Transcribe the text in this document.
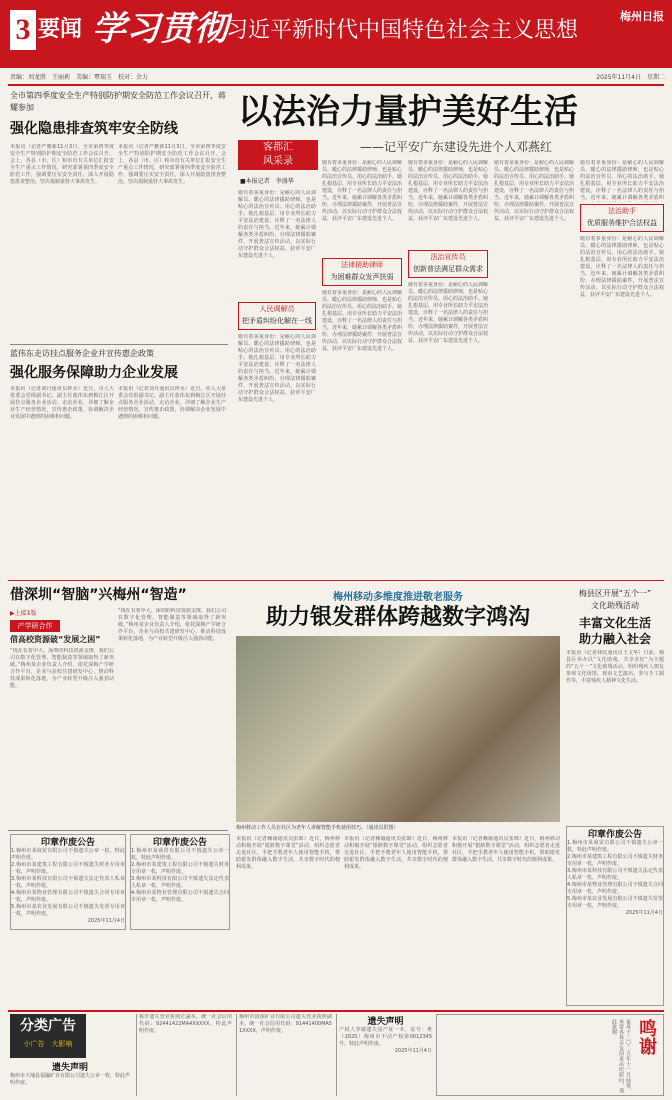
3 要闻 学习贯彻
习近平新时代中国特色社会主义思想
梅州日报
责编：刘龙胜　王丽莉　美编：覃瑞玉　校对：余力	2025年11月4日　星期二
全市第四季度安全生产特别防护期安全防范工作会议召开，蒋耀参加
强化隐患排查筑牢安全防线
本报讯（记者严雅新11月3日，全市第四季度安全生产特别防护期安全防范工作会议召开。会上，各县（市、区）和市直有关单位汇报安全生产重点工作情况，研究部署第四季度安全防范工作，强调要压实安全责任，深入开展隐患排查整治，坚决遏制重特大事故发生。
本报讯（记者严雅新11月3日，全市第四季度安全生产特别防护期安全防范工作会议召开。会上，各县（市、区）和市直有关单位汇报安全生产重点工作情况，研究部署第四季度安全防范工作，强调要压实安全责任，深入开展隐患排查整治，坚决遏制重特大事故发生。
蓝伟东走访挂点服务企业并宣传惠企政策
强化服务保障助力企业发展
本报讯（记者刘丹通讯员钟水）近日，市人大常委会党组副书记、副主任蓝伟东到梅江区开展挂点服务企业活动，走访企业，详细了解企业生产经营情况，宣传惠企政策，协调解决企业发展中遇到的困难和问题。
本报讯（记者刘丹通讯员钟水）近日，市人大常委会党组副书记、副主任蓝伟东到梅江区开展挂点服务企业活动，走访企业，详细了解企业生产经营情况，宣传惠企政策，协调解决企业发展中遇到的困难和问题。
以法治力量护美好生活
——记平安广东建设先进个人邓燕红
客都汇
风采录
■本报记者　李盛华
她有着多重身份：是耐心的人民调解员、暖心的法律援助律师，也是贴心的法治宣传员、用心的法治助手。她扎根基层，用专业所长助力平安法治建设，诠释了一名法律人的责任与担当。近年来，她累计调解各类矛盾纠纷，办理法律援助案件，开展普法宣传活动，以实际行动守护群众合法权益，获评平安广东建设先进个人。
人民调解员
把矛盾纠纷化解在一线
她有着多重身份：是耐心的人民调解员、暖心的法律援助律师，也是贴心的法治宣传员、用心的法治助手。她扎根基层，用专业所长助力平安法治建设，诠释了一名法律人的责任与担当。近年来，她累计调解各类矛盾纠纷，办理法律援助案件，开展普法宣传活动，以实际行动守护群众合法权益，获评平安广东建设先进个人。
她有着多重身份：是耐心的人民调解员、暖心的法律援助律师，也是贴心的法治宣传员、用心的法治助手。她扎根基层，用专业所长助力平安法治建设，诠释了一名法律人的责任与担当。近年来，她累计调解各类矛盾纠纷，办理法律援助案件，开展普法宣传活动，以实际行动守护群众合法权益，获评平安广东建设先进个人。
法律援助律师
为困难群众发声扶弱
她有着多重身份：是耐心的人民调解员、暖心的法律援助律师，也是贴心的法治宣传员、用心的法治助手。她扎根基层，用专业所长助力平安法治建设，诠释了一名法律人的责任与担当。近年来，她累计调解各类矛盾纠纷，办理法律援助案件，开展普法宣传活动，以实际行动守护群众合法权益，获评平安广东建设先进个人。
她有着多重身份：是耐心的人民调解员、暖心的法律援助律师，也是贴心的法治宣传员、用心的法治助手。她扎根基层，用专业所长助力平安法治建设，诠释了一名法律人的责任与担当。近年来，她累计调解各类矛盾纠纷，办理法律援助案件，开展普法宣传活动，以实际行动守护群众合法权益，获评平安广东建设先进个人。
法治宣传员
创新普法满足群众需求
她有着多重身份：是耐心的人民调解员、暖心的法律援助律师，也是贴心的法治宣传员、用心的法治助手。她扎根基层，用专业所长助力平安法治建设，诠释了一名法律人的责任与担当。近年来，她累计调解各类矛盾纠纷，办理法律援助案件，开展普法宣传活动，以实际行动守护群众合法权益，获评平安广东建设先进个人。
她有着多重身份：是耐心的人民调解员、暖心的法律援助律师，也是贴心的法治宣传员、用心的法治助手。她扎根基层，用专业所长助力平安法治建设，诠释了一名法律人的责任与担当。近年来，她累计调解各类矛盾纠纷，办理法律援助案件，开展普法宣传活动，以实际行动守护群众合法权益，获评平安广东建设先进个人。
她有着多重身份：是耐心的人民调解员、暖心的法律援助律师，也是贴心的法治宣传员、用心的法治助手。她扎根基层，用专业所长助力平安法治建设，诠释了一名法律人的责任与担当。近年来，她累计调解各类矛盾纠
法治助手
优质服务维护合法权益
她有着多重身份：是耐心的人民调解员、暖心的法律援助律师，也是贴心的法治宣传员、用心的法治助手。她扎根基层，用专业所长助力平安法治建设，诠释了一名法律人的责任与担当。近年来，她累计调解各类矛盾纠纷，办理法律援助案件，开展普法宣传活动，以实际行动守护群众合法权益，获评平安广东建设先进个人。
借深圳“智脑”兴梅州“智造”
▶上接1版
产学研合作
借高校资源破“发展之困”
“现在有着中大、深圳的科技资源支撑，我们公司在数字化管理、智能制造等领域取得了新突破。”梅州某企业负责人介绍，依托深梅产学研合作平台，企业与高校共建研发中心，推动科技成果转化落地，为产业转型升级注入强劲动能。
“现在有着中大、深圳的科技资源支撑，我们公司在数字化管理、智能制造等领域取得了新突破。”梅州某企业负责人介绍，依托深梅产学研合作平台，企业与高校共建研发中心，推动科技成果转化落地，为产业转型升级注入强劲动能。
梅州移动多维度推进敬老服务
助力银发群体跨越数字鸿沟
梅州移动工作人员在社区为老年人讲解智能手机使用技巧。（通讯员供图）
本报讯（记者赖瑜通讯员张锦）近日，梅州移动积极开展“银龄数字课堂”活动，组织志愿者走进社区，手把手教老年人使用智能手机，帮助银发群体融入数字生活，共享数字时代的便利成果。
本报讯（记者赖瑜通讯员张锦）近日，梅州移动积极开展“银龄数字课堂”活动，组织志愿者走进社区，手把手教老年人使用智能手机，帮助银发群体融入数字生活，共享数字时代的便利成果。
本报讯（记者赖瑜通讯员张锦）近日，梅州移动积极开展“银龄数字课堂”活动，组织志愿者走进社区，手把手教老年人使用智能手机，帮助银发群体融入数字生活，共享数字时代的便利成果。
梅县区开展“五个一”
文化助残活动
丰富文化生活
助力融入社会
本报讯（记者林纹通讯员王文华）日前，梅县区举办以“文化助残，共享美好”为主题的“五个一”文化助残活动，组织残疾人朋友参观文化场馆、观看文艺演出、参与手工制作等，丰富残疾人精神文化生活。
印章作废公告
1.梅州市某商贸有限公司不慎遗失公章一枚，特此声明作废。
2.梅州市某建筑工程有限公司不慎遗失财务专用章一枚，声明作废。
3.梅州市某科技有限公司不慎遗失法定代表人私章一枚，声明作废。
4.梅州市某物业管理有限公司不慎遗失合同专用章一枚，声明作废。
5.梅州市某农业发展有限公司不慎遗失发票专用章一枚，声明作废。
2025年11月4日
印章作废公告
1.梅州市某商贸有限公司不慎遗失公章一枚，特此声明作废。
2.梅州市某建筑工程有限公司不慎遗失财务专用章一枚，声明作废。
3.梅州市某科技有限公司不慎遗失法定代表人私章一枚，声明作废。
4.梅州市某物业管理有限公司不慎遗失合同专用章一枚，声明作废。
印章作废公告
1.梅州市某商贸有限公司不慎遗失公章一枚，特此声明作废。
2.梅州市某建筑工程有限公司不慎遗失财务专用章一枚，声明作废。
3.梅州市某科技有限公司不慎遗失法定代表人私章一枚，声明作废。
4.梅州市某物业管理有限公司不慎遗失合同专用章一枚，声明作废。
5.梅州市某农业发展有限公司不慎遗失发票专用章一枚，声明作废。
2025年11月4日
分类广告
小广告　大影响
遗失声明
梅州市大埔县福瀛矿业有限公司遗失公章一枚，特此声明作废。
蔡罗遗失营业执照正副本，统一社会信用代码：92441422MA4XXXXX，特此声明作废。
梅州市国源矿业有限公司遗失营业执照副本，统一社会信用代码：91441400MA51XXXX，声明作废。
遗失声明
产权人李敏遗失房产证一本，证号：粤（2020）梅州市不动产权第0012345号，特此声明作废。
2025年11月4日	鸣谢
家母于二〇二五年十一月仙逝，承蒙各界亲友前来吊唁慰问，谨此致谢。
